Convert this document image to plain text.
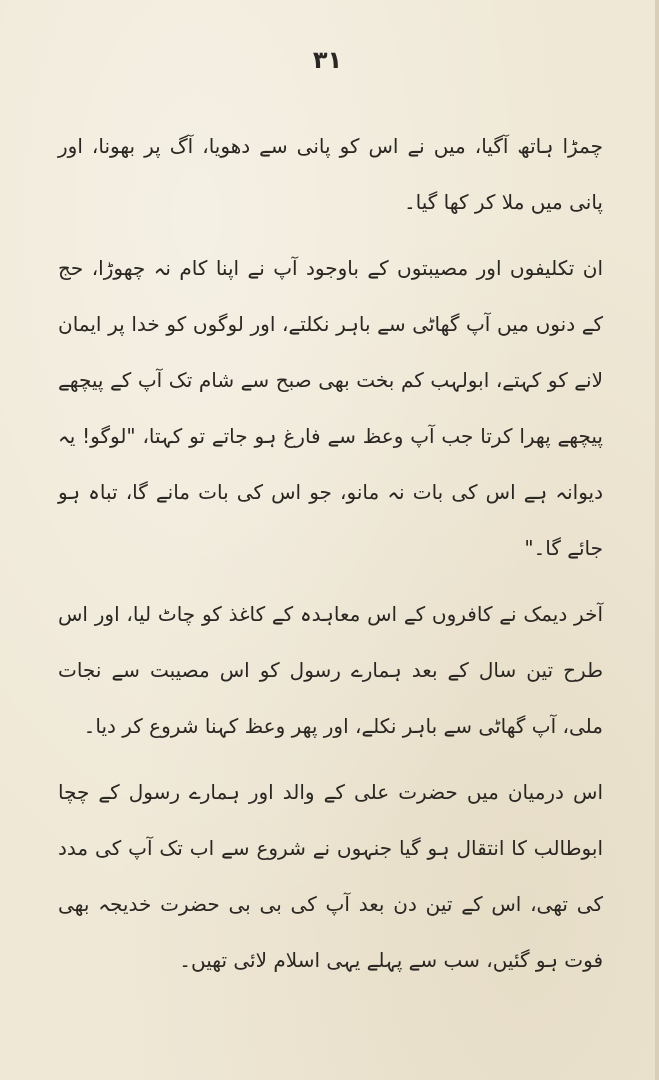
۳۱

چمڑا ہاتھ آگیا، میں نے اس کو پانی سے دھویا، آگ پر بھونا، اور پانی میں ملا کر کھا گیا۔

ان تکلیفوں اور مصیبتوں کے باوجود آپ نے اپنا کام نہ چھوڑا، حج کے دنوں میں آپ گھاٹی سے باہر نکلتے، اور لوگوں کو خدا پر ایمان لانے کو کہتے، ابولہب کم بخت بھی صبح سے شام تک آپ کے پیچھے پیچھے پھرا کرتا جب آپ وعظ سے فارغ ہو جاتے تو کہتا، "لوگو! یہ دیوانہ ہے اس کی بات نہ مانو، جو اس کی بات مانے گا، تباہ ہو جائے گا۔"

آخر دیمک نے کافروں کے اس معاہدہ کے کاغذ کو چاٹ لیا، اور اس طرح تین سال کے بعد ہمارے رسول کو اس مصیبت سے نجات ملی، آپ گھاٹی سے باہر نکلے، اور پھر وعظ کہنا شروع کر دیا۔

اس درمیان میں حضرت علی کے والد اور ہمارے رسول کے چچا ابوطالب کا انتقال ہو گیا جنہوں نے شروع سے اب تک آپ کی مدد کی تھی، اس کے تین دن بعد آپ کی بی بی حضرت خدیجہ بھی فوت ہو گئیں، سب سے پہلے یہی اسلام لائی تھیں۔
